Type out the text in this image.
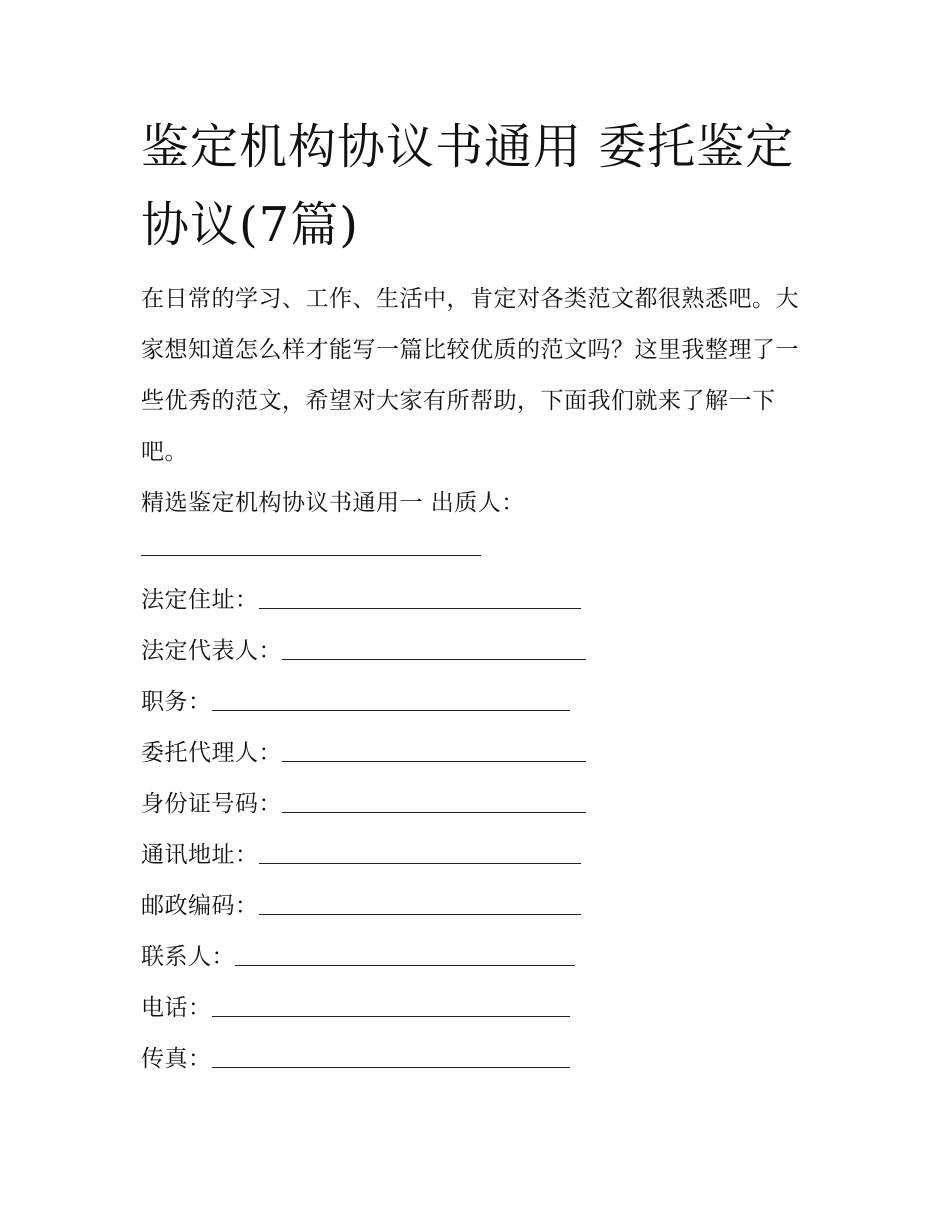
鉴定机构协议书通用 委托鉴定协议(7篇)

在日常的学习、工作、生活中，肯定对各类范文都很熟悉吧。大家想知道怎么样才能写一篇比较优质的范文吗？这里我整理了一些优秀的范文，希望对大家有所帮助，下面我们就来了解一下吧。

精选鉴定机构协议书通用一 出质人：

法定住址：
法定代表人：
职务：
委托代理人：
身份证号码：
通讯地址：
邮政编码：
联系人：
电话：
传真：
